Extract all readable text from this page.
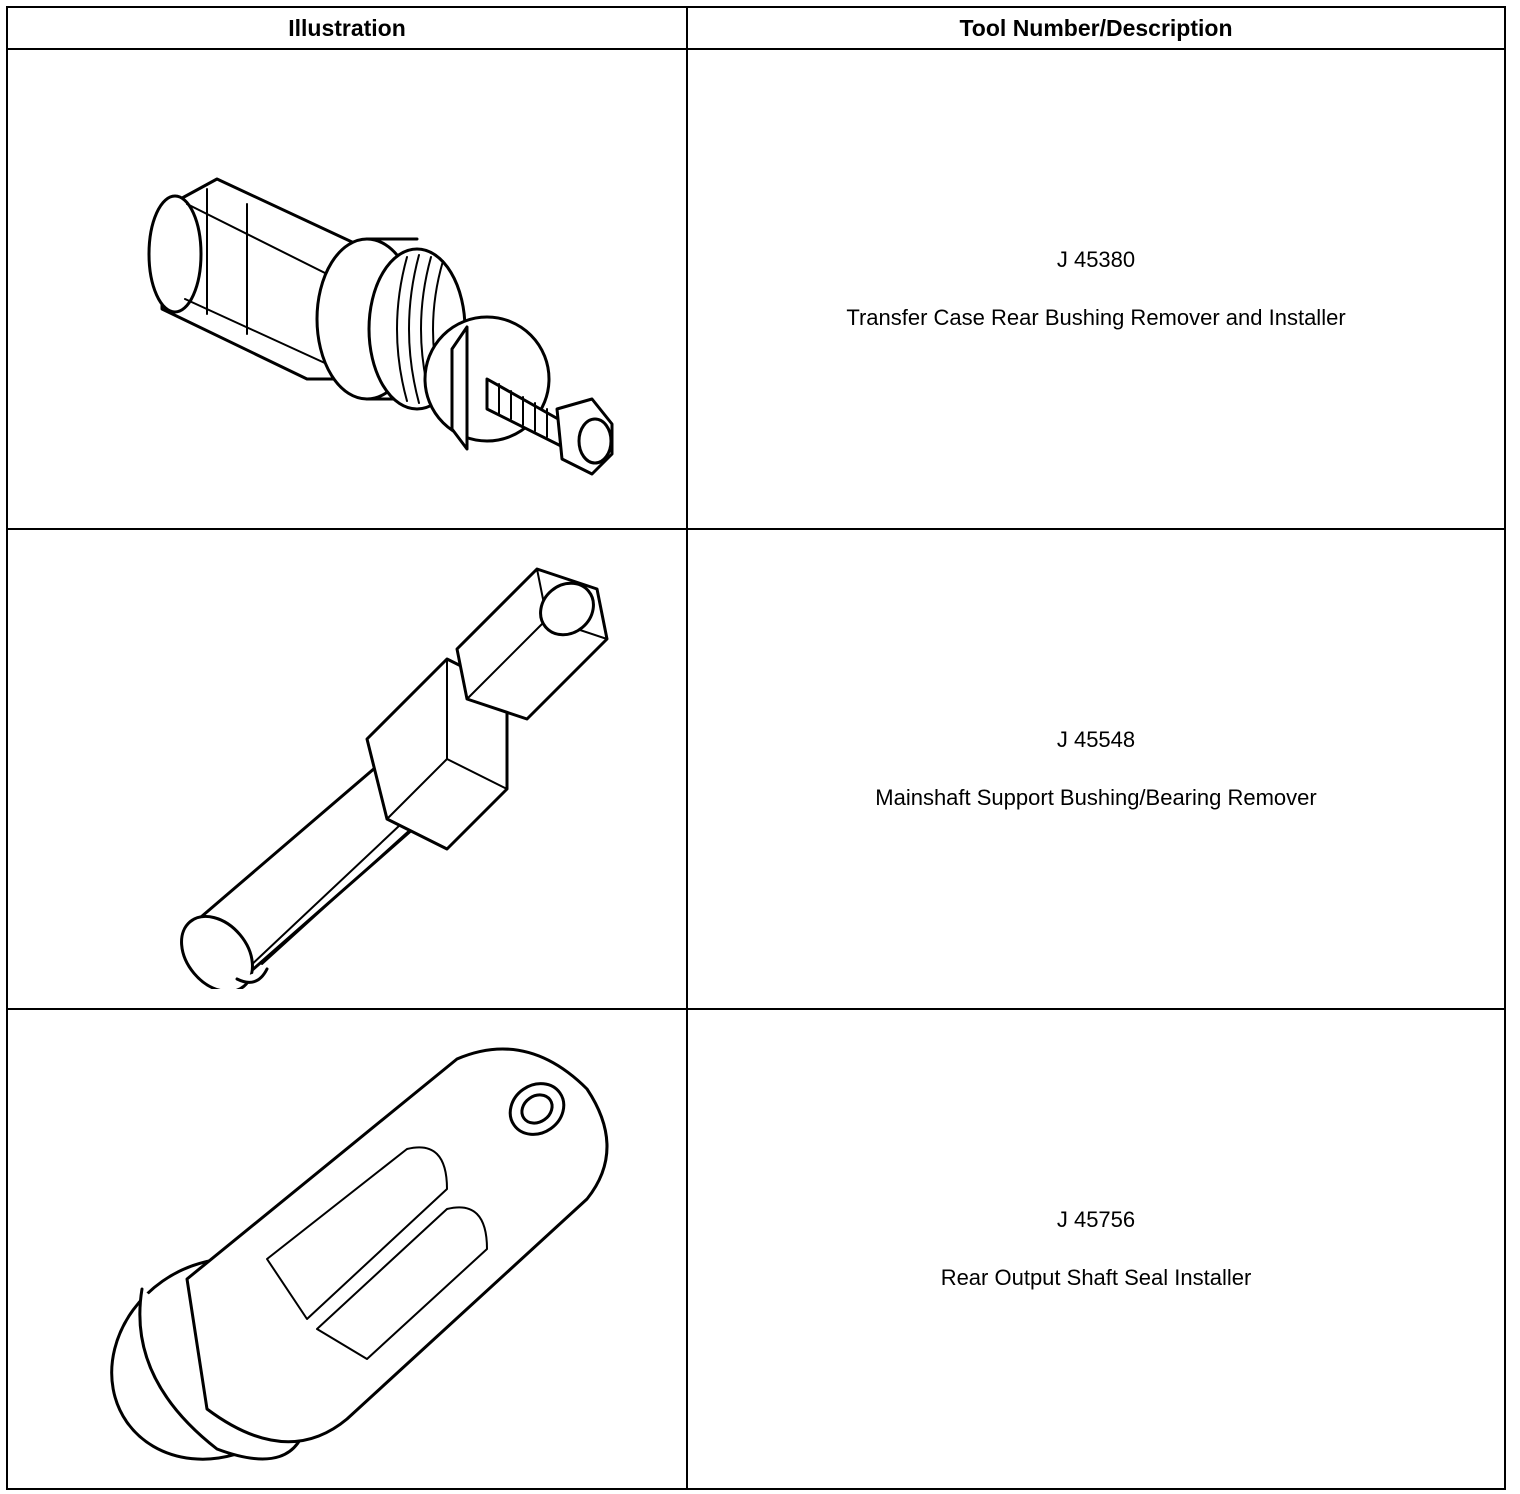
Illustration	Tool Number/Description

J 45380
Transfer Case Rear Bushing Remover and Installer

J 45548
Mainshaft Support Bushing/Bearing Remover

J 45756
Rear Output Shaft Seal Installer
